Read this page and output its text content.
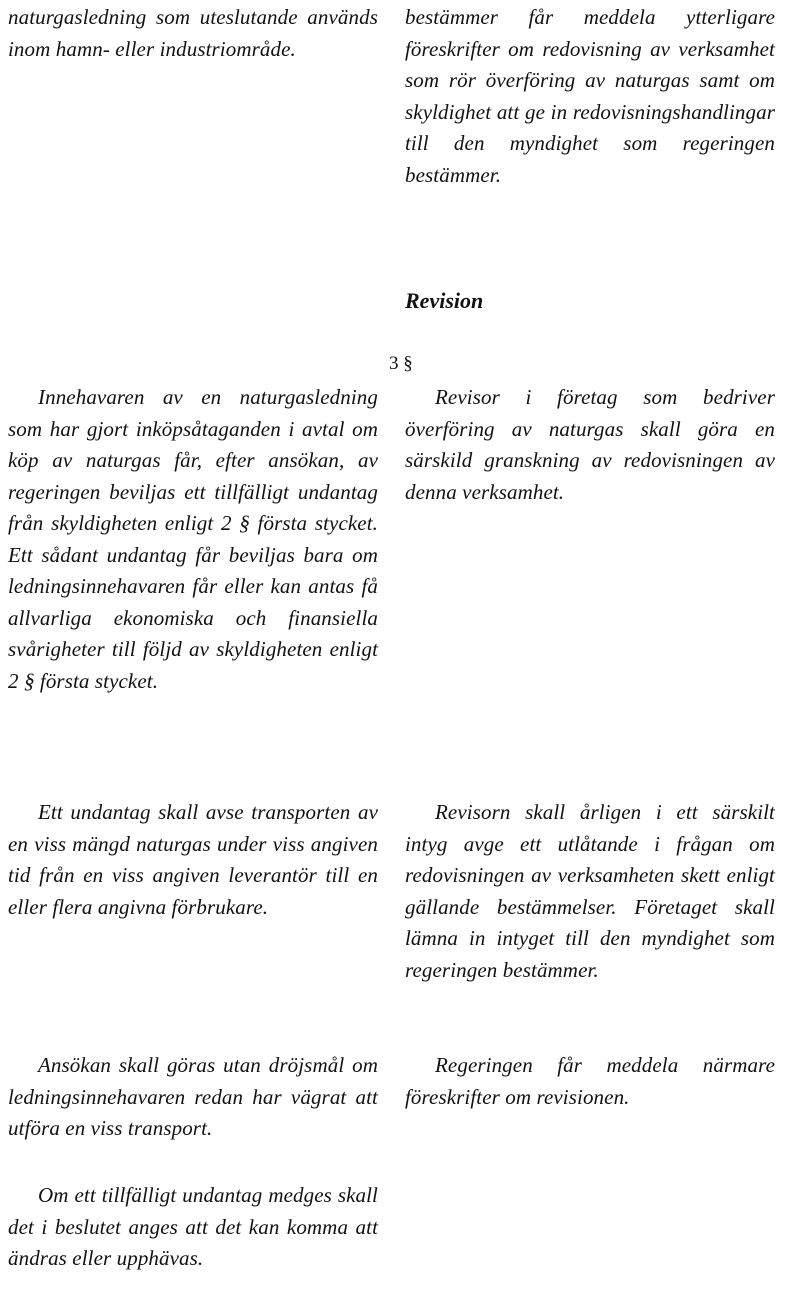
naturgasledning som uteslutande används inom hamn- eller industriområde.

Innehavaren av en naturgasledning som har gjort inköpsåtaganden i avtal om köp av naturgas får, efter ansökan, av regeringen beviljas ett tillfälligt undantag från skyldigheten enligt 2 § första stycket. Ett sådant undantag får beviljas bara om ledningsinnehavaren får eller kan antas få allvarliga ekonomiska och finansiella svårigheter till följd av skyldigheten enligt 2 § första stycket.

Ett undantag skall avse transporten av en viss mängd naturgas under viss angiven tid från en viss angiven leverantör till en eller flera angivna förbrukare.

Ansökan skall göras utan dröjsmål om ledningsinnehavaren redan har vägrat att utföra en viss transport.

Om ett tillfälligt undantag medges skall det i beslutet anges att det kan komma att ändras eller upphävas.

bestämmer får meddela ytterligare föreskrifter om redovisning av verksamhet som rör överföring av naturgas samt om skyldighet att ge in redovisningshandlingar till den myndighet som regeringen bestämmer.

Revision

3 §

Revisor i företag som bedriver överföring av naturgas skall göra en särskild granskning av redovisningen av denna verksamhet.

Revisorn skall årligen i ett särskilt intyg avge ett utlåtande i frågan om redovisningen av verksamheten skett enligt gällande bestämmelser. Företaget skall lämna in intyget till den myndighet som regeringen bestämmer.

Regeringen får meddela närmare föreskrifter om revisionen.
